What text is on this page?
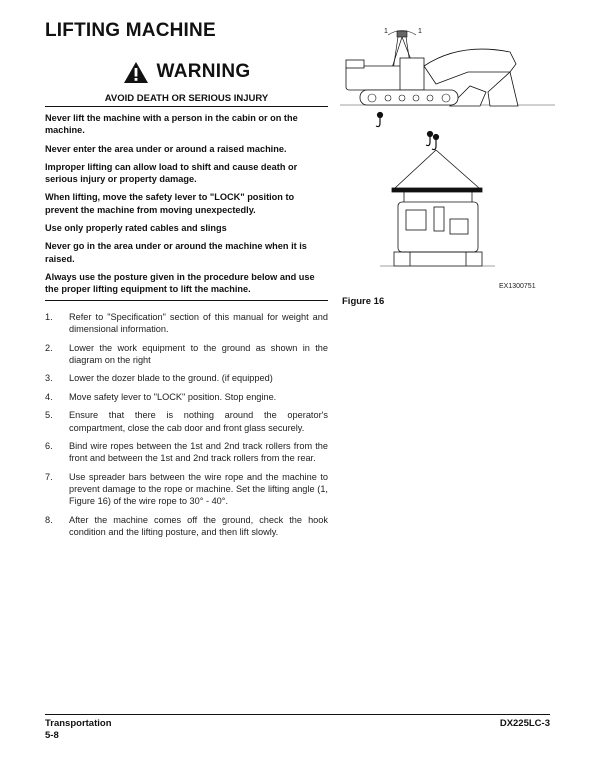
LIFTING MACHINE
WARNING
AVOID DEATH OR SERIOUS INJURY
Never lift the machine with a person in the cabin or on the machine.
Never enter the area under or around a raised machine.
Improper lifting can allow load to shift and cause death or serious injury or property damage.
When lifting, move the safety lever to "LOCK" position to prevent the machine from moving unexpectedly.
Use only properly rated cables and slings
Never go in the area under or around the machine when it is raised.
Always use the posture given in the procedure below and use the proper lifting equipment to lift the machine.
1.	Refer to "Specification" section of this manual for weight and dimensional information.
2.	Lower the work equipment to the ground as shown in the diagram on the right
3.	Lower the dozer blade to the ground. (if equipped)
4.	Move safety lever to "LOCK" position. Stop engine.
5.	Ensure that there is nothing around the operator's compartment, close the cab door and front glass securely.
6.	Bind wire ropes between the 1st and 2nd track rollers from the front and between the 1st and 2nd track rollers from the rear.
7.	Use spreader bars between the wire rope and the machine to prevent damage to the rope or machine. Set the lifting angle (1, Figure 16) of the wire rope to 30° - 40°.
8.	After the machine comes off the ground, check the hook condition and the lifting posture, and then lift slowly.
1	1
EX1300751
Figure 16
Transportation
5-8
DX225LC-3
